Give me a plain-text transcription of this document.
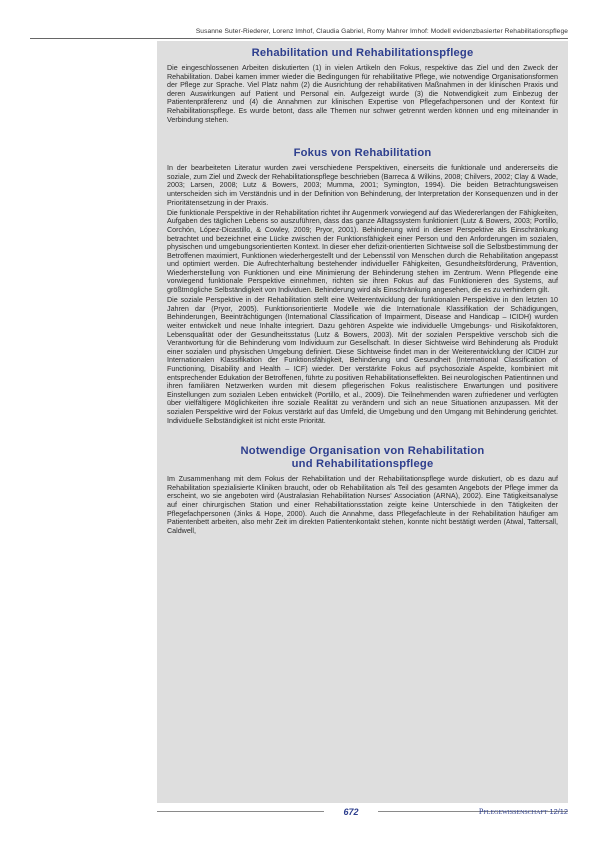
Susanne Suter-Riederer, Lorenz Imhof, Claudia Gabriel, Romy Mahrer Imhof: Modell evidenzbasierter Rehabilitationspflege
Rehabilitation und Rehabilitationspflege

Die eingeschlossenen Arbeiten diskutierten (1) in vielen Artikeln den Fokus, respektive das Ziel und den Zweck der Rehabilitation. Dabei kamen immer wieder die Bedingungen für rehabilitative Pflege, wie notwendige Organisationsformen der Pflege zur Sprache. Viel Platz nahm (2) die Ausrichtung der rehabilitativen Maßnahmen in der klinischen Praxis und deren Auswirkungen auf Patient und Personal ein. Aufgezeigt wurde (3) die Notwendigkeit zum Einbezug der Patientenpräferenz und (4) die Annahmen zur klinischen Expertise von Pflegefachpersonen und der Kontext für Rehabilitationspflege. Es wurde betont, dass alle Themen nur schwer getrennt werden können und eng miteinander in Verbindung stehen.

Fokus von Rehabilitation

In der bearbeiteten Literatur wurden zwei verschiedene Perspektiven, einerseits die funktionale und andererseits die soziale, zum Ziel und Zweck der Rehabilitationspflege beschrieben (Barreca & Wilkins, 2008; Chilvers, 2002; Clay & Wade, 2003; Larsen, 2008; Lutz & Bowers, 2003; Mumma, 2001; Symington, 1994). Die beiden Betrachtungsweisen unterscheiden sich im Verständnis und in der Definition von Behinderung, der Interpretation der Konsequenzen und in der Prioritätensetzung in der Praxis.

Die funktionale Perspektive in der Rehabilitation richtet ihr Augenmerk vorwiegend auf das Wiedererlangen der Fähigkeiten, Aufgaben des täglichen Lebens so auszuführen, dass das ganze Alltagssystem funktioniert (Lutz & Bowers, 2003; Portillo, Corchón, López-Dicastillo, & Cowley, 2009; Pryor, 2001). Behinderung wird in dieser Perspektive als Einschränkung betrachtet und bezeichnet eine Lücke zwischen der Funktionsfähigkeit einer Person und den Anforderungen im sozialen, physischen und umgebungsorientierten Kontext. In dieser eher defizit-orientierten Sichtweise soll die Selbstbestimmung der Betroffenen maximiert, Funktionen wiederhergestellt und der Lebensstil von Menschen durch die Rehabilitation angepasst und optimiert werden. Die Aufrechterhaltung bestehender individueller Fähigkeiten, Gesundheitsförderung, Prävention, Wiederherstellung von Funktionen und eine Minimierung der Behinderung stehen im Zentrum. Wenn Pflegende eine vorwiegend funktionale Perspektive einnehmen, richten sie ihren Fokus auf das Funktionieren des Systems, auf größtmögliche Selbständigkeit von Individuen. Behinderung wird als Einschränkung angesehen, die es zu verhindern gilt.

Die soziale Perspektive in der Rehabilitation stellt eine Weiterentwicklung der funktionalen Perspektive in den letzten 10 Jahren dar (Pryor, 2005). Funktionsorientierte Modelle wie die Internationale Klassifikation der Schädigungen, Behinderungen, Beeinträchtigungen (International Classification of Impairment, Disease and Handicap – ICIDH) wurden weiter entwickelt und neue Inhalte integriert. Dazu gehören Aspekte wie individuelle Umgebungs- und Risikofaktoren, Lebensqualität oder der Gesundheitsstatus (Lutz & Bowers, 2003). Mit der sozialen Perspektive verschob sich die Verantwortung für die Behinderung vom Individuum zur Gesellschaft. In dieser Sichtweise wird Behinderung als Produkt einer sozialen und physischen Umgebung definiert. Diese Sichtweise findet man in der Weiterentwicklung der ICIDH zur Internationalen Klassifikation der Funktionsfähigkeit, Behinderung und Gesundheit (International Classification of Functioning, Disability and Health – ICF) wieder. Der verstärkte Fokus auf psychosoziale Aspekte, kombiniert mit entsprechender Edukation der Betroffenen, führte zu positiven Rehabilitationseffekten. Bei neurologischen Patientinnen und ihren familiären Netzwerken wurden mit diesem pflegerischen Fokus realistischere Erwartungen und positivere Einstellungen zum sozialen Leben entwickelt (Portillo, et al., 2009). Die Teilnehmenden waren zufriedener und verfügten über vielfältigere Möglichkeiten ihre soziale Realität zu verändern und sich an neue Situationen anzupassen. Mit der sozialen Perspektive wird der Fokus verstärkt auf das Umfeld, die Umgebung und den Umgang mit Behinderung gerichtet. Individuelle Selbständigkeit ist nicht erste Priorität.

Notwendige Organisation von Rehabilitation
und Rehabilitationspflege

Im Zusammenhang mit dem Fokus der Rehabilitation und der Rehabilitationspflege wurde diskutiert, ob es dazu auf Rehabilitation spezialisierte Kliniken braucht, oder ob Rehabilitation als Teil des gesamten Angebots der Pflege immer da erscheint, wo sie angeboten wird (Australasian Rehabilitation Nurses' Association (ARNA), 2002). Eine Tätigkeitsanalyse auf einer chirurgischen Station und einer Rehabilitationsstation zeigte keine Unterschiede in den Tätigkeiten der Pflegefachpersonen (Jinks & Hope, 2000). Auch die Annahme, dass Pflegefachleute in der Rehabilitation häufiger am Patientenbett arbeiten, also mehr Zeit im direkten Patientenkontakt stehen, konnte nicht bestätigt werden (Atwal, Tattersall, Caldwell,

672	Pflegewissenschaft 12/12
